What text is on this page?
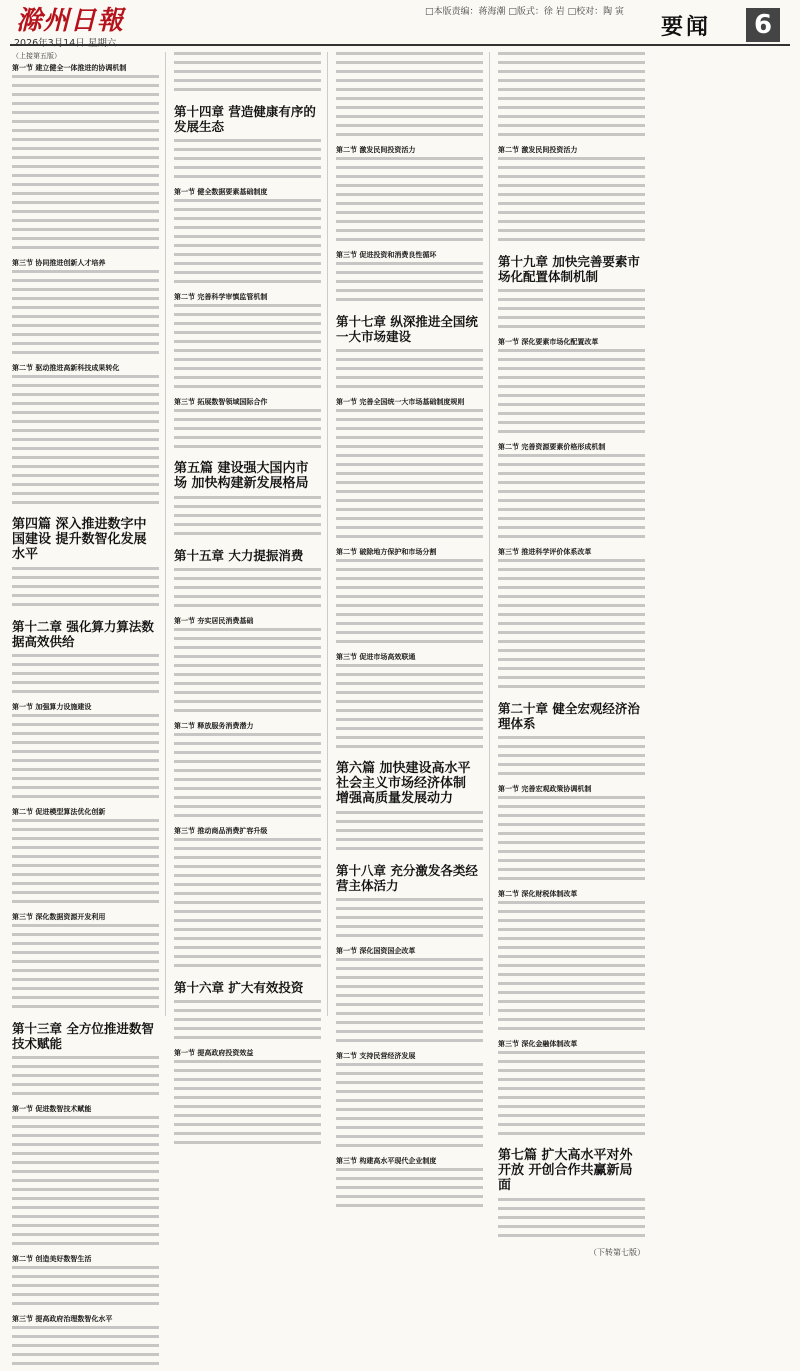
滁州日報	□本版责编：蒋海潮 □版式：徐 岩 □校对：陶 寅
要闻	6
（上接第五版）
第一节 建立健全一体推进的协调机制
第三节 协同推进创新人才培养
第二节 驱动推进高新科技成果转化
第四篇 深入推进数字中国建设 提升数智化发展水平
第十二章 强化算力算法数据高效供给
第一节 加强算力设施建设
第二节 促进模型算法优化创新
第三节 深化数据资源开发利用
第十三章 全方位推进数智技术赋能
第一节 促进数智技术赋能
第二节 创造美好数智生活
第三节 提高政府治理数智化水平
第十四章 营造健康有序的发展生态
第一节 健全数据要素基础制度
第二节 完善科学审慎监管机制
第三节 拓展数智领域国际合作
第五篇 建设强大国内市场 加快构建新发展格局
第十五章 大力提振消费
第一节 夯实居民消费基础
第二节 释放服务消费潜力
第三节 推动商品消费扩容升级
第十六章 扩大有效投资
第一节 提高政府投资效益
第二节 激发民间投资活力
第三节 促进投资和消费良性循环
第十七章 纵深推进全国统一大市场建设
第一节 完善全国统一大市场基础制度规则
第二节 破除地方保护和市场分割
第三节 促进市场高效联通
第六篇 加快建设高水平社会主义市场经济体制 增强高质量发展动力
第十八章 充分激发各类经营主体活力
第一节 深化国资国企改革
第二节 支持民营经济发展
第三节 构建高水平现代企业制度
第二节 激发民间投资活力
第十九章 加快完善要素市场化配置体制机制
第一节 深化要素市场化配置改革
第二节 完善资源要素价格形成机制
第三节 推进科学评价体系改革
第二十章 健全宏观经济治理体系
第一节 完善宏观政策协调机制
第二节 深化财税体制改革
第三节 深化金融体制改革
第七篇 扩大高水平对外开放 开创合作共赢新局面
（下转第七版）
